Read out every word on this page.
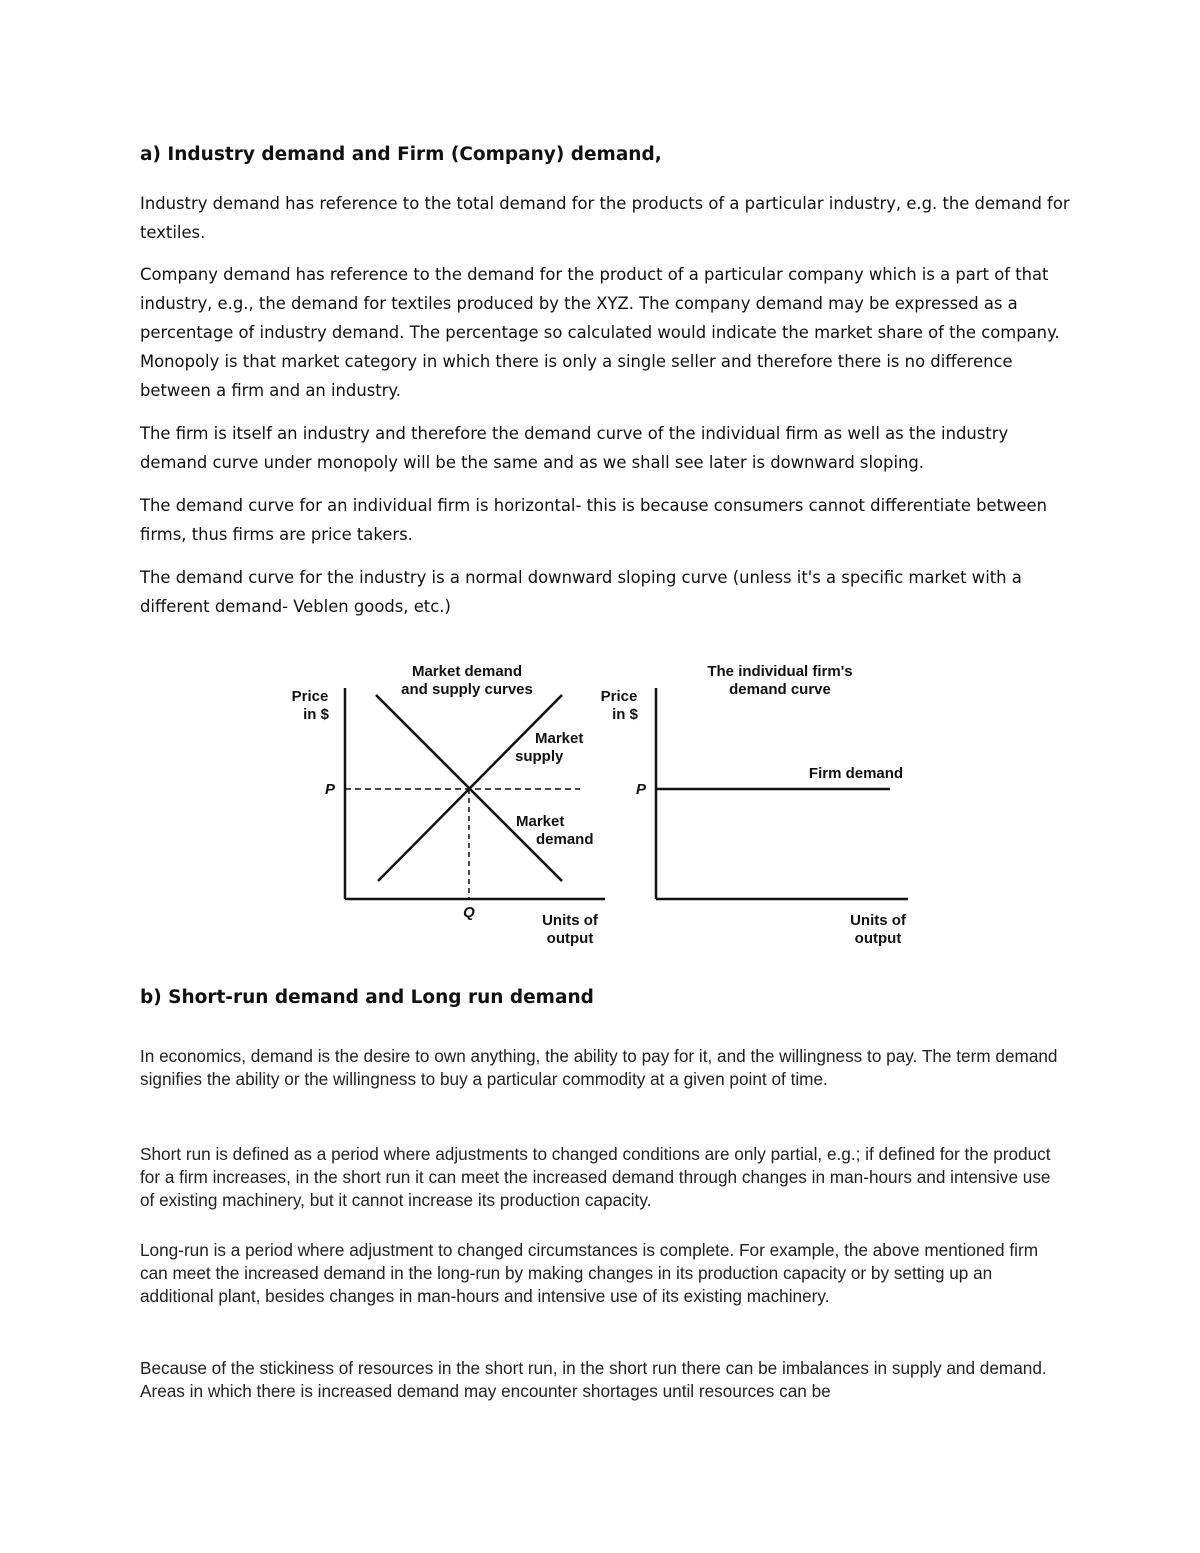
a) Industry demand and Firm (Company) demand,

Industry demand has reference to the total demand for the products of a particular industry, e.g. the demand for textiles.

Company demand has reference to the demand for the product of a particular company which is a part of that industry, e.g., the demand for textiles produced by the XYZ. The company demand may be expressed as a percentage of industry demand. The percentage so calculated would indicate the market share of the company. Monopoly is that market category in which there is only a single seller and therefore there is no difference between a firm and an industry.

The firm is itself an industry and therefore the demand curve of the individual firm as well as the industry demand curve under monopoly will be the same and as we shall see later is downward sloping.

The demand curve for an individual firm is horizontal- this is because consumers cannot differentiate between firms, thus firms are price takers.

The demand curve for the industry is a normal downward sloping curve (unless it's a specific market with a different demand- Veblen goods, etc.)

Market demand
and supply curves
Price
in $
P
Q
Market
supply
Market
demand
Units of
output
The individual firm's
demand curve
Price
in $
P
Firm demand
Units of
output
b) Short-run demand and Long run demand

In economics, demand is the desire to own anything, the ability to pay for it, and the willingness to pay. The term demand signifies the ability or the willingness to buy a particular commodity at a given point of time.

Short run is defined as a period where adjustments to changed conditions are only partial, e.g.; if defined for the product for a firm increases, in the short run it can meet the increased demand through changes in man-hours and intensive use of existing machinery, but it cannot increase its production capacity.

Long-run is a period where adjustment to changed circumstances is complete. For example, the above mentioned firm can meet the increased demand in the long-run by making changes in its production capacity or by setting up an additional plant, besides changes in man-hours and intensive use of its existing machinery.

Because of the stickiness of resources in the short run, in the short run there can be imbalances in supply and demand. Areas in which there is increased demand may encounter shortages until resources can be
